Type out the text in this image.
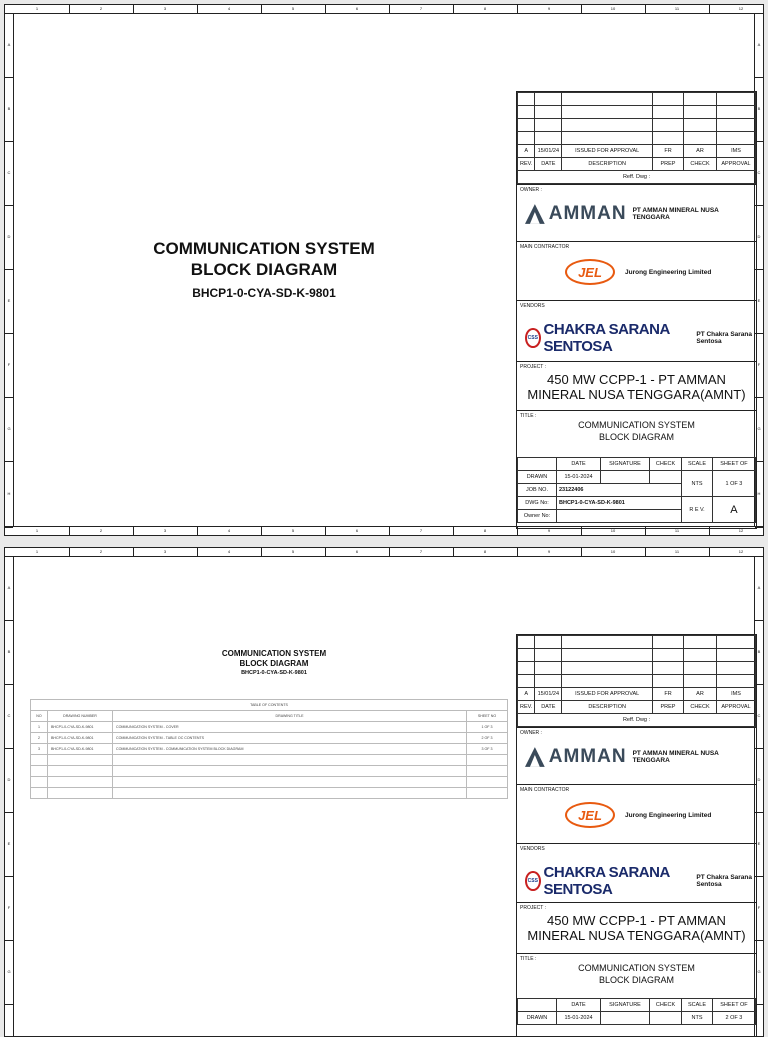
1	2	3	4	5	6	7	8	9	10	11	12
1	2	3	4	5	6	7	8	9	10	11	12
A
B
C
D
E
F
G
H
A
B
C
D
E
F
G
H
COMMUNICATION SYSTEM
BLOCK DIAGRAM
BHCP1-0-CYA-SD-K-9801

A	15/01/24	ISSUED FOR APPROVAL	FR	AR	IMS
REV.	DATE	DESCRIPTION	PREP	CHECK	APPROVAL
Reff. Dwg :					
OWNER :
AMMAN PT AMMAN MINERAL NUSA TENGGARA
MAIN CONTRACTOR
JEL	Jurong Engineering Limited
VENDORS
CSS CHAKRA SARANA SENTOSA
PT Chakra Sarana Sentosa
PROJECT :
450 MW CCPP-1 - PT AMMAN
MINERAL NUSA TENGGARA(AMNT)
TITLE :
COMMUNICATION SYSTEM
BLOCK DIAGRAM
	DATE	SIGNATURE	CHECK	SCALE	SHEET OF
DRAWN	15-01-2024			NTS	1 OF 3
JOB NO.	23122406				
DWG No:	BHCP1-0-CYA-SD-K-9801			R E V.	A
Owner No:					
1	2	3	4	5	6	7	8	9	10	11	12
A
B
C
D
E
F
G
A
B
C
D
E
F
G
COMMUNICATION SYSTEM
BLOCK DIAGRAM
BHCP1-0-CYA-SD-K-9801
TABLE OF CONTENTS			
NO	DRAWING NUMBER	DRAWING TITLE	SHEET NO
1	BHCP1-0-CYA-SD-K-9801	COMMUNICATION SYSTEM - COVER	1 OF 3
2	BHCP1-0-CYA-SD-K-9801	COMMUNICATION SYSTEM - TABLE OC CONTENTS	2 OF 3
3	BHCP1-0-CYA-SD-K-9801	COMMUNICATION SYSTEM - COMMUNICATION SYSTEM BLOCK DIAGRAM	3 OF 3

A	15/01/24	ISSUED FOR APPROVAL	FR	AR	IMS
REV.	DATE	DESCRIPTION	PREP	CHECK	APPROVAL
Reff. Dwg :					
OWNER :
AMMAN PT AMMAN MINERAL NUSA TENGGARA
MAIN CONTRACTOR
JEL	Jurong Engineering Limited
VENDORS
CSS CHAKRA SARANA SENTOSA
PT Chakra Sarana Sentosa
PROJECT :
450 MW CCPP-1 - PT AMMAN
MINERAL NUSA TENGGARA(AMNT)
TITLE :
COMMUNICATION SYSTEM
BLOCK DIAGRAM
	DATE	SIGNATURE	CHECK	SCALE	SHEET OF
DRAWN	15-01-2024			NTS	2 OF 3
